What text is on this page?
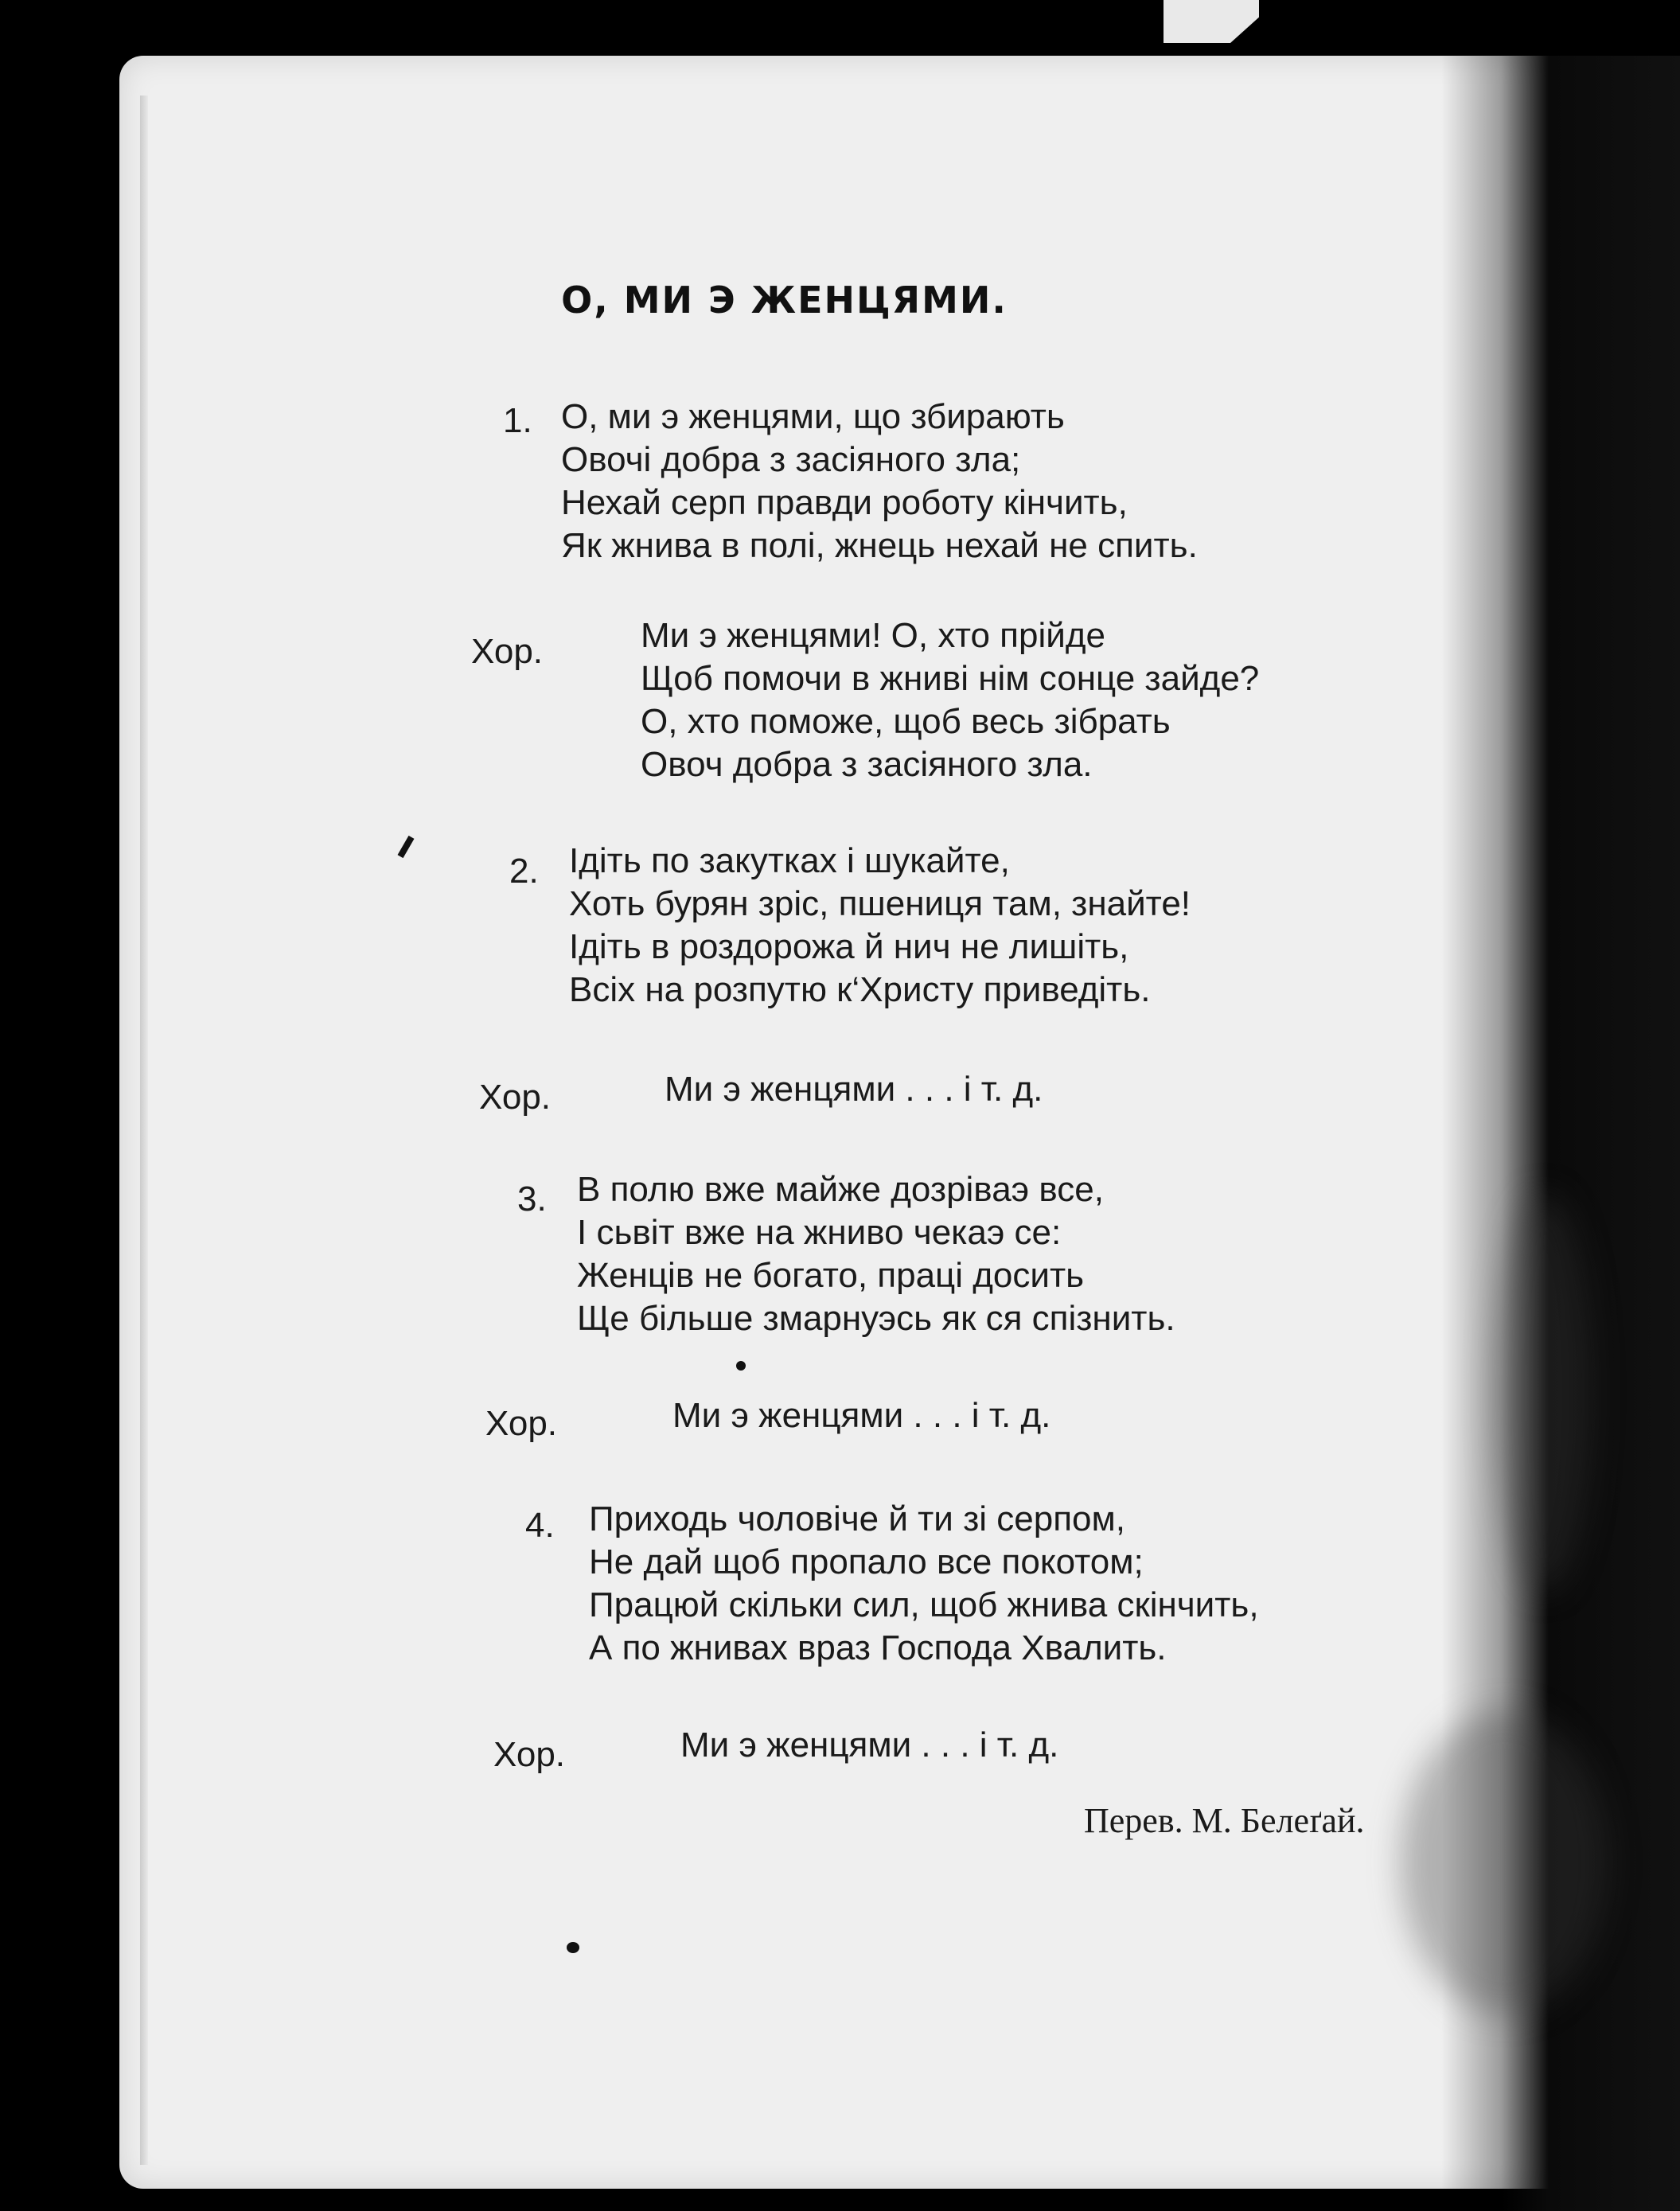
О, МИ Э ЖЕНЦЯМИ.
1. О, ми э женцями, що збирають
Овочі добра з засіяного зла;
Нехай серп правди роботу кінчить,
Як жнива в полі, жнець нехай не спить.
Хор.	Ми э женцями! О, хто прійде
Щоб помочи в жниві нім сонце зайде?
О, хто поможе, щоб весь зібрать
Овоч добра з засіяного зла.
2. Ідіть по закутках і шукайте,
Хоть бурян зріс, пшениця там, знайте!
Ідіть в роздорожа й нич не лишіть,
Всіх на розпутю к‘Христу приведіть.
Хор.	Ми э женцями . . . і т. д.
3. В полю вже майже дозріваэ все,
І сьвіт вже на жниво чекаэ се:
Женців не богато, праці досить
Ще більше змарнуэсь як ся спізнить.
Хор.	Ми э женцями . . . і т. д.
4. Приходь чоловіче й ти зі серпом,
Не дай щоб пропало все покотом;
Працюй скільки сил, щоб жнива скінчить,
А по жнивах враз Господа Хвалить.
Хор.	Ми э женцями . . . і т. д.
Перев. М. Белеґай.
